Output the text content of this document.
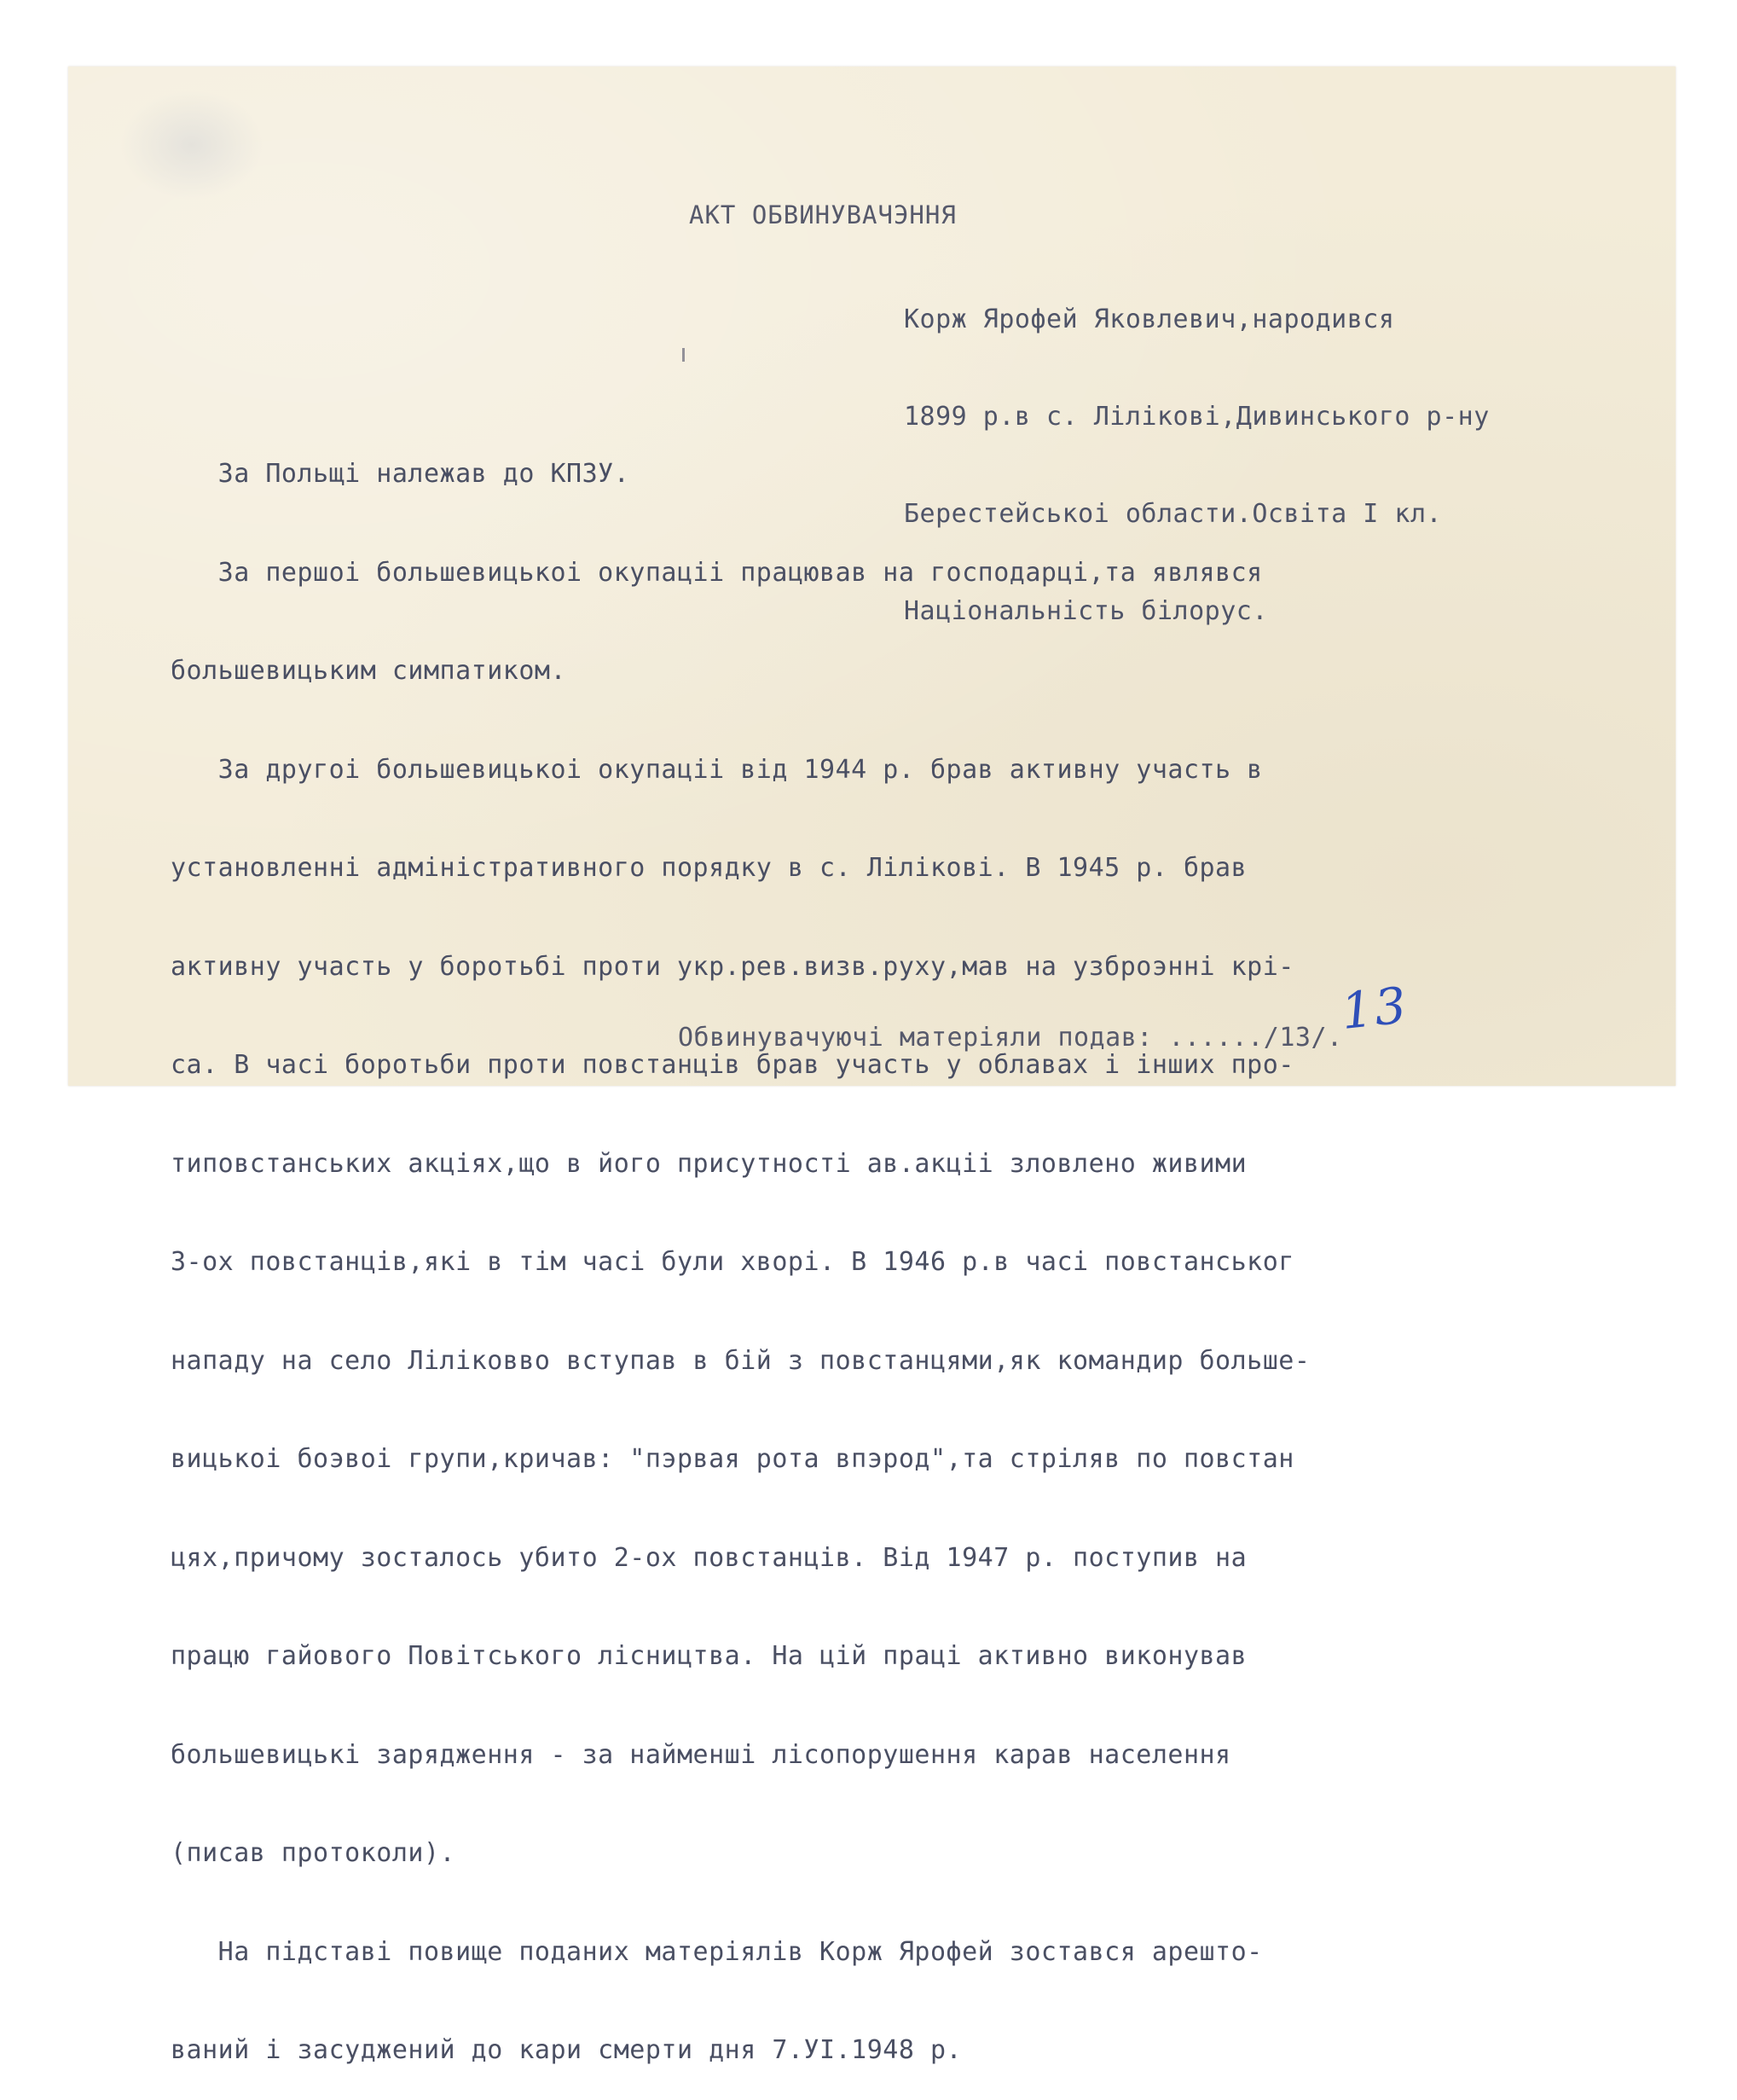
АКТ ОБВИНУВАЧЭННЯ

Корж Ярофей Яковлевич,народився

1899 р.в с. Лілікові,Дивинського р-ну

Берестейськоі области.Освіта I кл.

Національність білорус.

За Польщі належав до КПЗУ.

За першоі большевицькоі окупаціі працював на господарці,та являвся

большевицьким симпатиком.

За другоі большевицькоі окупаціі від 1944 р. брав активну участь в

установленні адміністративного порядку в с. Лілікові. В 1945 р. брав

активну участь у боротьбі проти укр.рев.визв.руху,мав на узброэнні крі-

са. В часі боротьби проти повстанців брав участь у облавах і інших про-

типовстанських акціях,що в його присутності ав.акціі зловлено живими

3-ох повстанців,які в тім часі були хворі. В 1946 р.в часі повстанськог

нападу на село Ліліковво вступав в бій з повстанцями,як командир больше-

вицькоі боэвоі групи,кричав: "пэрвая рота впэрод",та стріляв по повстан

цях,причому зосталось убито 2-ох повстанців. Від 1947 р. поступив на

працю гайового Повітського лісництва. На цій праці активно виконував

большевицькі зарядження - за найменші лісопорушення карав населення

(писав протоколи).

На підставі повище поданих матеріялів Корж Ярофей зостався арешто-

ваний і засуджений до кари смерти дня 7.УI.1948 р.

Обвинувачуючі матеріяли подав: ....../13/.
13
